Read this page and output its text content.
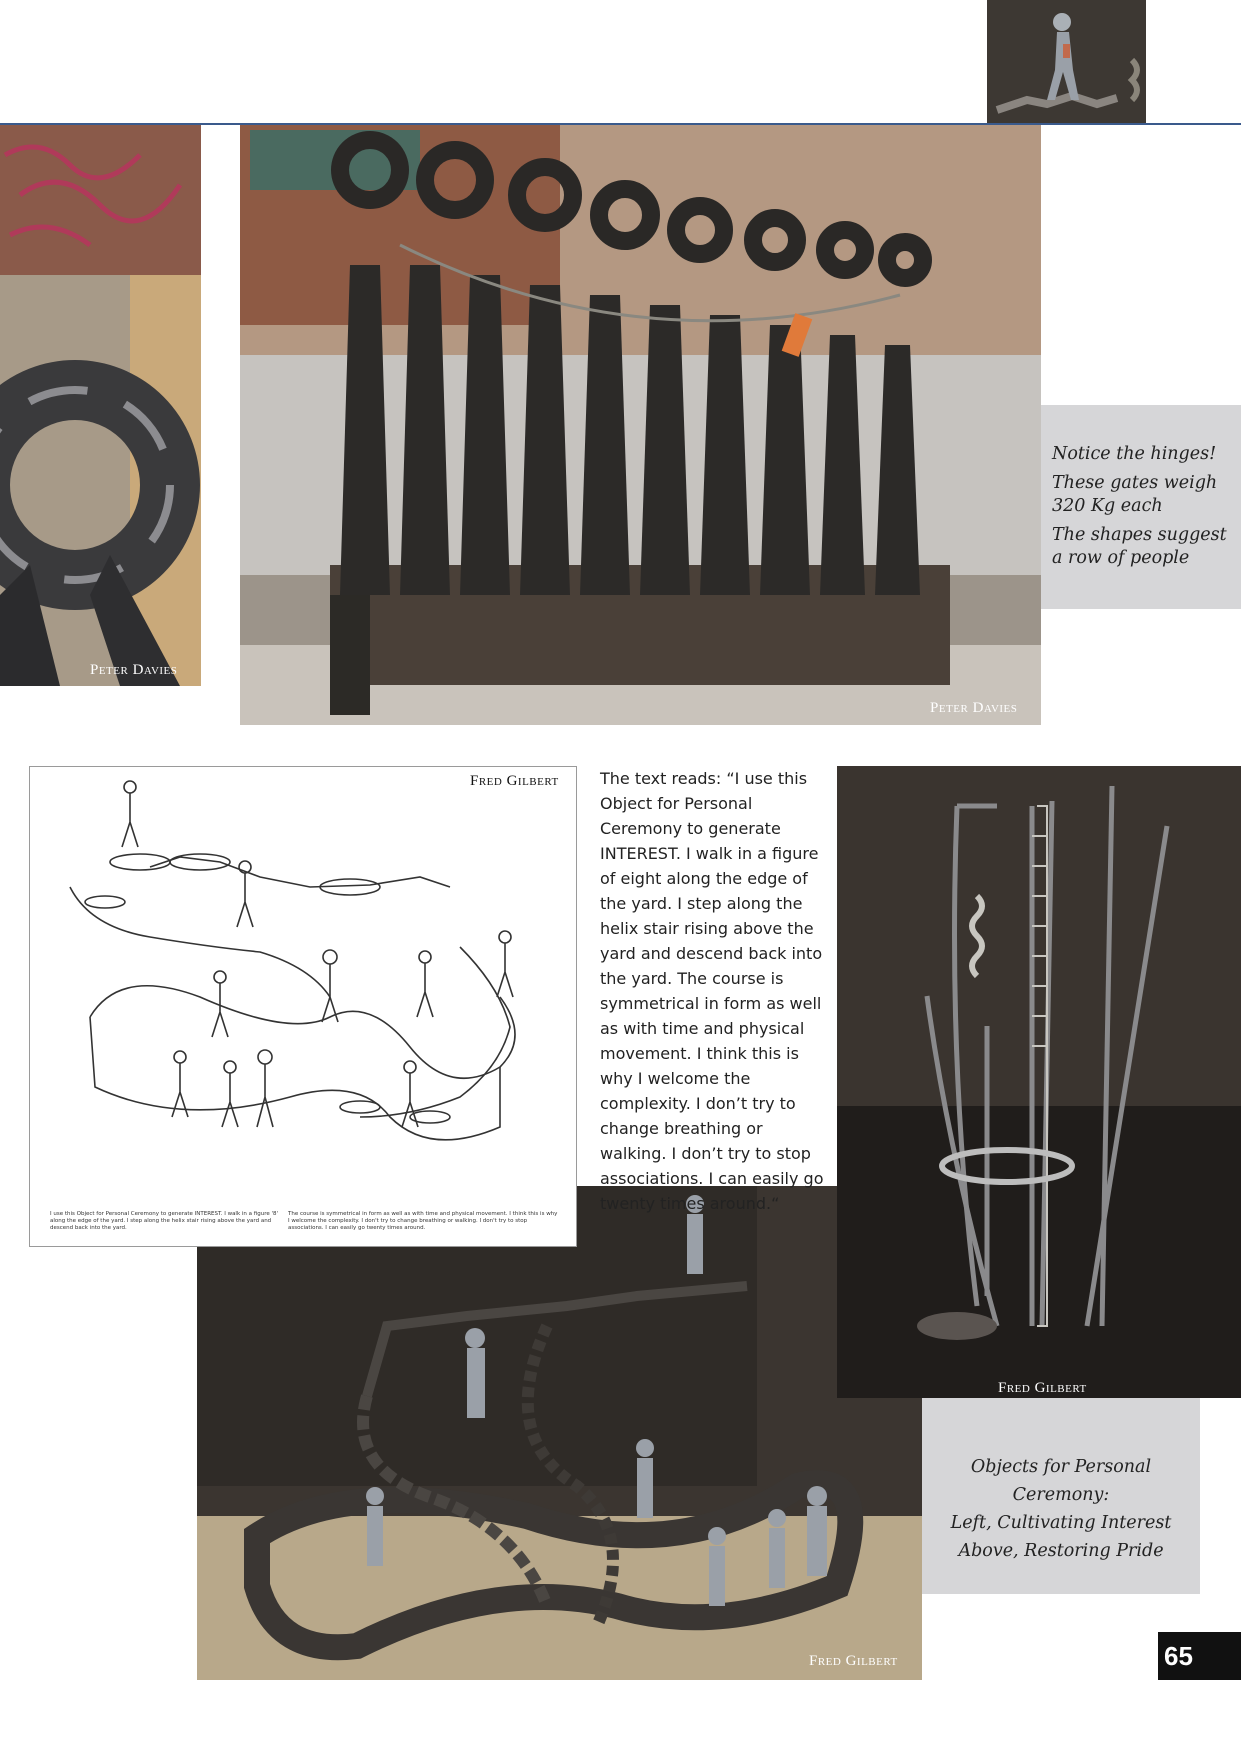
Peter Davies
Peter Davies

Notice the hinges!

These gates weigh 320 Kg each

The shapes suggest a row of people

Fred Gilbert
Fred Gilbert
I use this Object for Personal Ceremony to generate INTEREST. I walk in a figure '8' along the edge of the yard. I step along the helix stair rising above the yard and descend back into the yard.
The course is symmetrical in form as well as with time and physical movement. I think this is why I welcome the complexity. I don't try to change breathing or walking. I don't try to stop associations. I can easily go twenty times around.
The text reads: “I use this Object for Personal Ceremony to generate INTEREST. I walk in a figure of eight along the edge of the yard. I step along the helix stair rising above the yard and descend back into the yard. The course is symmetrical in form as well as with time and physical movement. I think this is why I welcome the complexity. I don’t try to change breathing or walking. I don’t try to stop associations. I can easily go twenty times around.“
Fred Gilbert
Objects for Personal Ceremony:
Left, Cultivating Interest
Above, Restoring Pride
65
